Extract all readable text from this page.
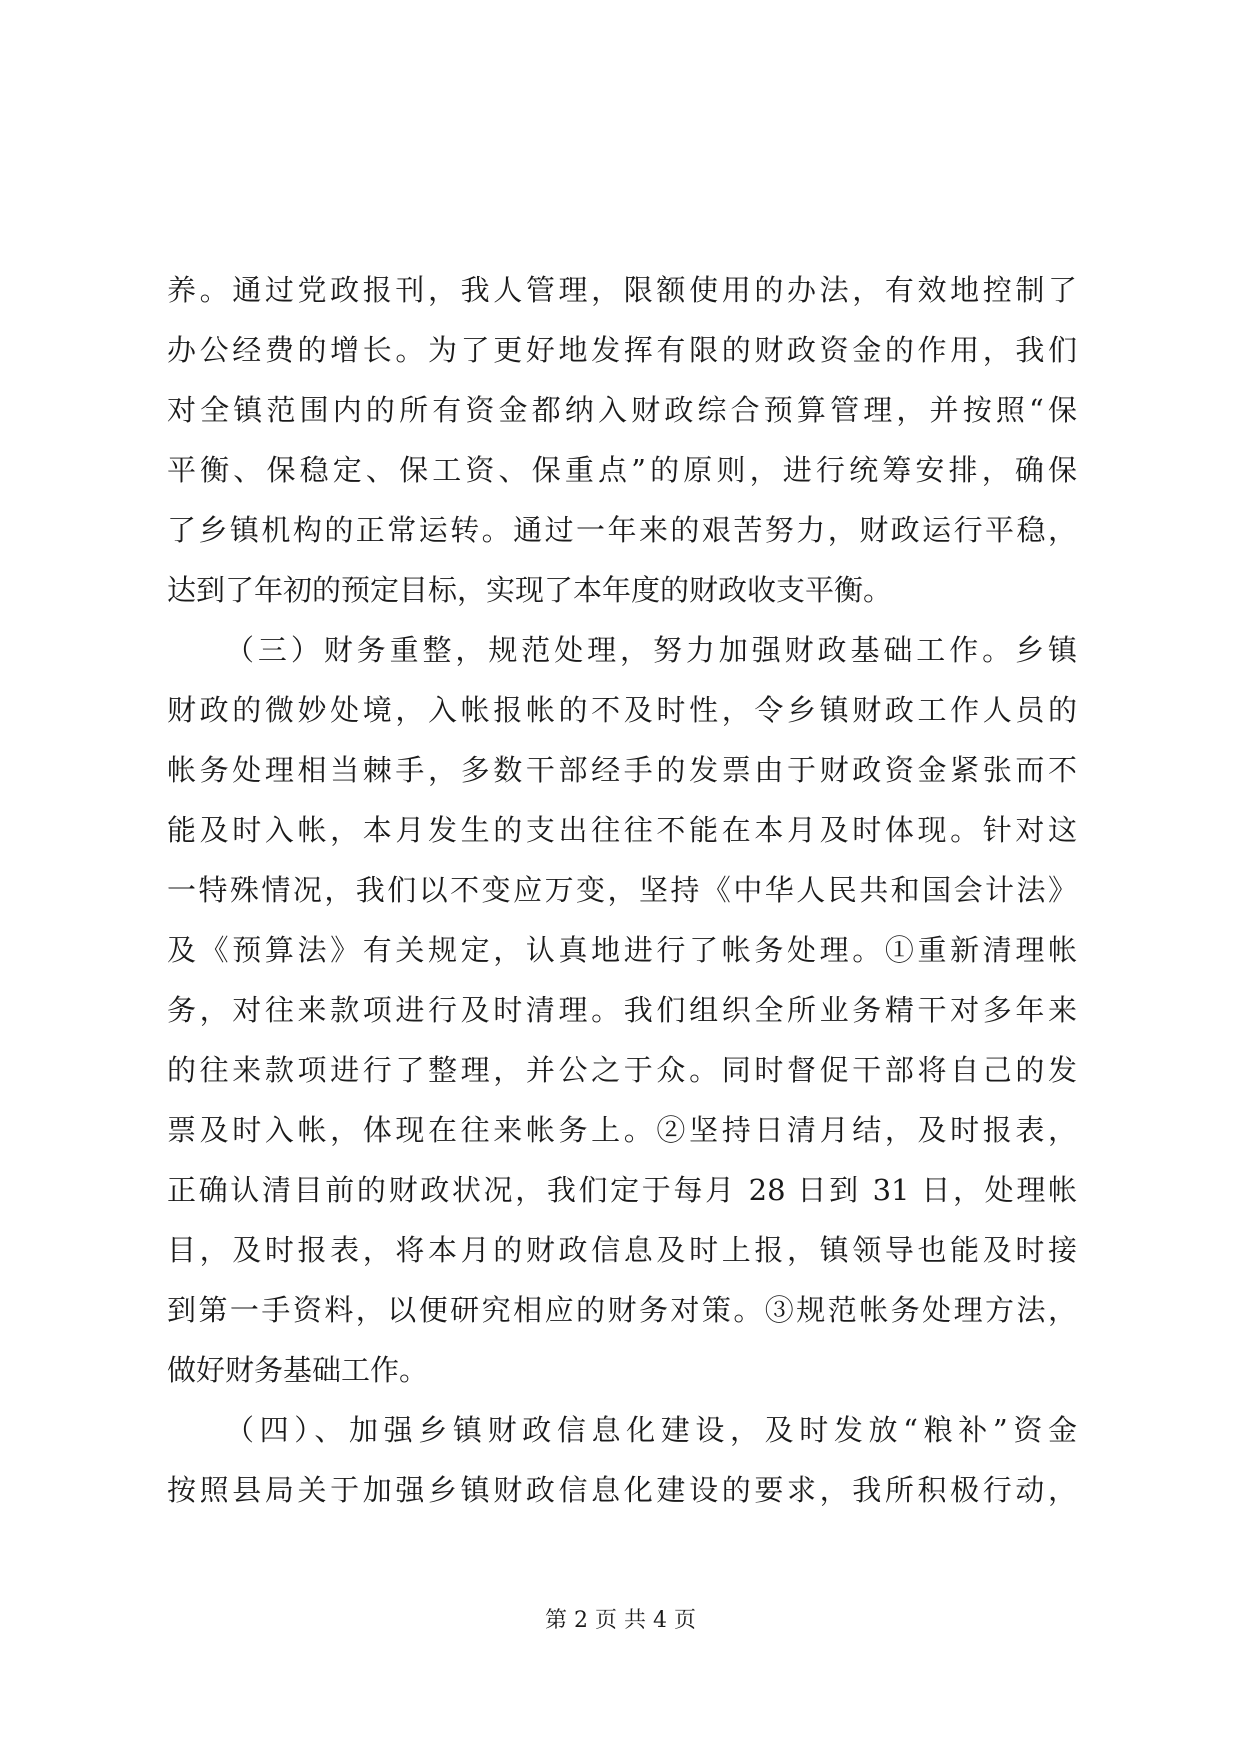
养。通过党政报刊，我人管理，限额使用的办法，有效地控制了
办公经费的增长。为了更好地发挥有限的财政资金的作用，我们
对全镇范围内的所有资金都纳入财政综合预算管理，并按照“保
平衡、保稳定、保工资、保重点”的原则，进行统筹安排，确保
了乡镇机构的正常运转。通过一年来的艰苦努力，财政运行平稳，
达到了年初的预定目标，实现了本年度的财政收支平衡。
（三）财务重整，规范处理，努力加强财政基础工作。乡镇
财政的微妙处境，入帐报帐的不及时性，令乡镇财政工作人员的
帐务处理相当棘手，多数干部经手的发票由于财政资金紧张而不
能及时入帐，本月发生的支出往往不能在本月及时体现。针对这
一特殊情况，我们以不变应万变，坚持《中华人民共和国会计法》
及《预算法》有关规定，认真地进行了帐务处理。①重新清理帐
务，对往来款项进行及时清理。我们组织全所业务精干对多年来
的往来款项进行了整理，并公之于众。同时督促干部将自己的发
票及时入帐，体现在往来帐务上。②坚持日清月结，及时报表，
正确认清目前的财政状况，我们定于每月 28 日到 31 日，处理帐
目，及时报表，将本月的财政信息及时上报，镇领导也能及时接
到第一手资料，以便研究相应的财务对策。③规范帐务处理方法，
做好财务基础工作。
（四）、加强乡镇财政信息化建设，及时发放“粮补”资金
按照县局关于加强乡镇财政信息化建设的要求，我所积极行动，
第 2 页 共 4 页
